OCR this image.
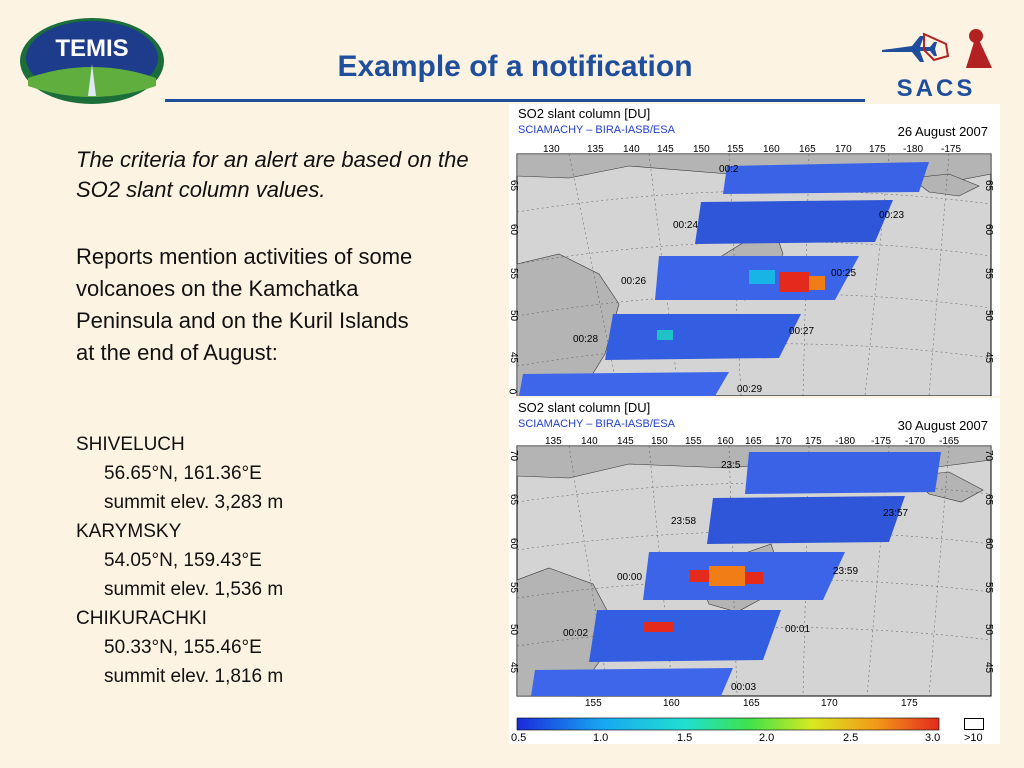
TEMIS
Example of a notification
SACS

The criteria for an alert are based on the SO2 slant column values.

Reports mention activities of some volcanoes on the Kamchatka Peninsula and on the Kuril Islands at the end of August:

SHIVELUCH
56.65°N, 161.36°E
summit elev. 3,283 m
KARYMSKY
54.05°N, 159.43°E
summit elev. 1,536 m
CHIKURACHKI
50.33°N, 155.46°E
summit elev. 1,816 m
SO2 slant column [DU]
SCIAMACHY – BIRA-IASB/ESA	26 August 2007
130	135 140 145 150 155 160 165 170 175 -180 -175
65
60
55
50
45
0
65
60
55
50
45
00:2
00:24
00:23
00:26
00:25
00:28
00:27
00:29
SO2 slant column [DU]
SCIAMACHY – BIRA-IASB/ESA	30 August 2007
135 140 145 150 155 160 165 170 175 -180 -175 -170 -165
155	160	165	170	175
70
65
60
55
50
45
70
65
60
55
50
45
23:5
23:58
23:57
00:00
23:59
00:02	00:01
00:03
0.5	1.0	1.5	2.0	2.5	3.0 >10
